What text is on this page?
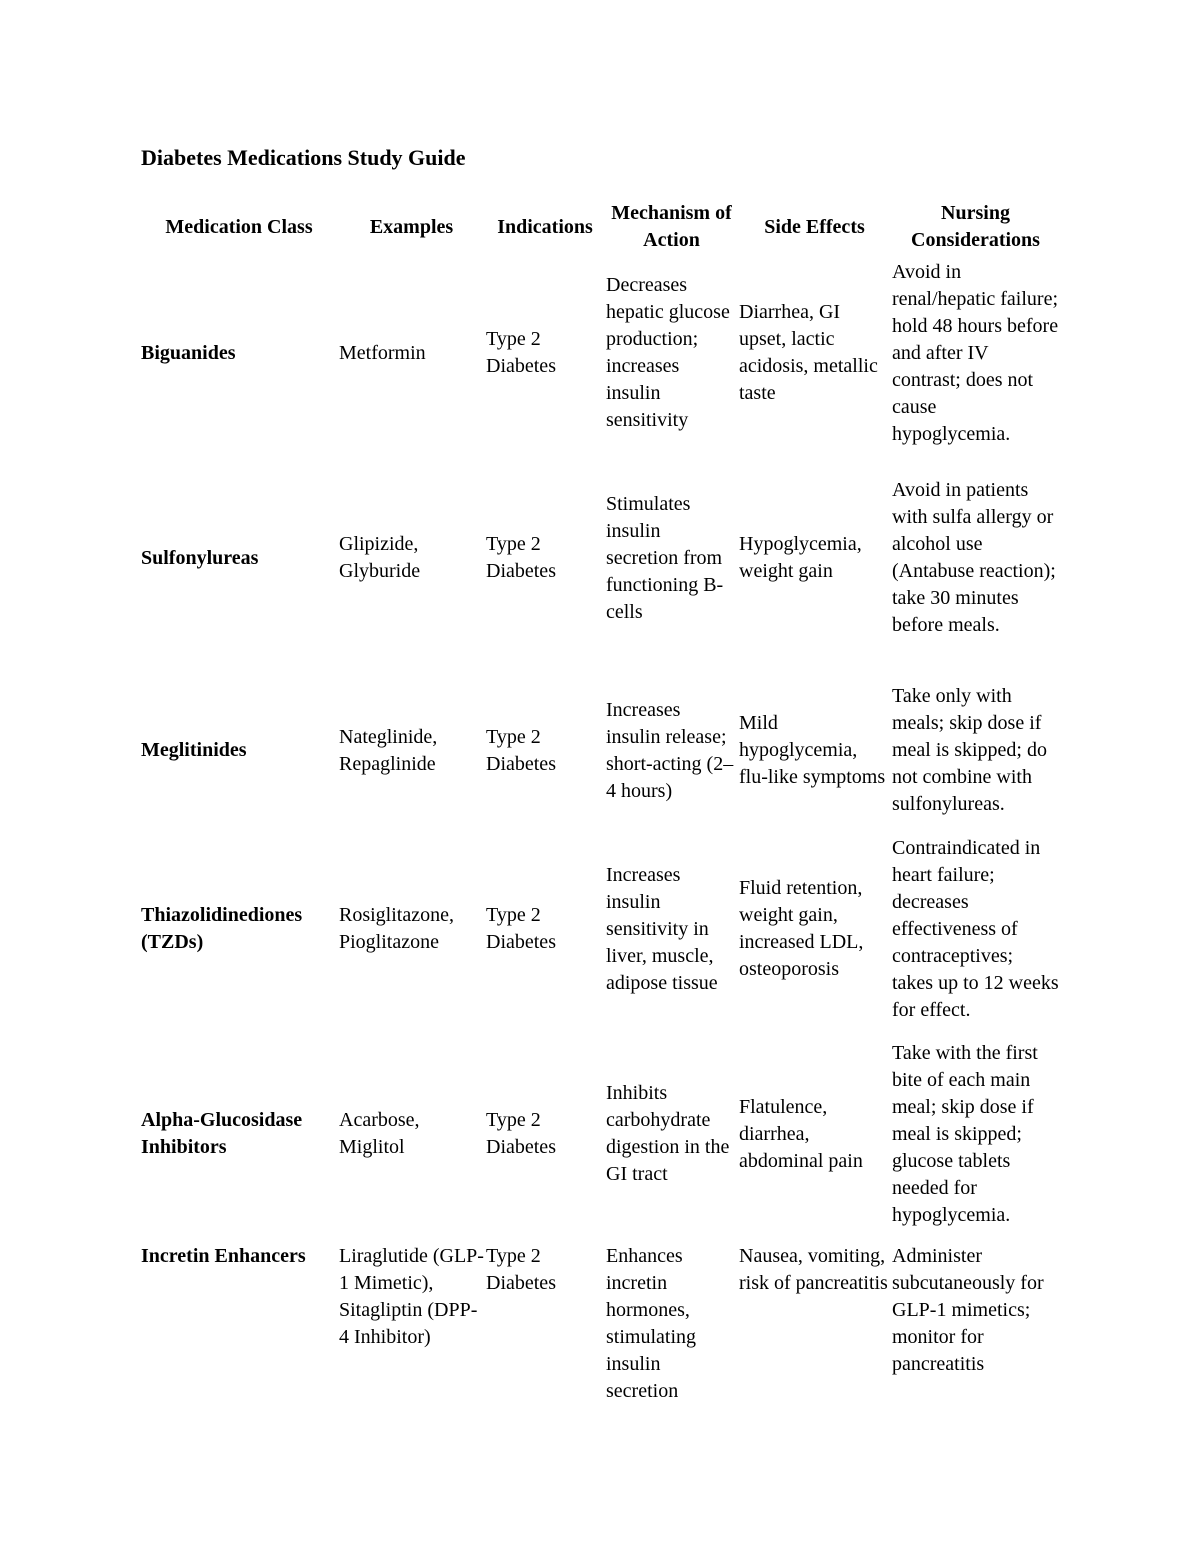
Diabetes Medications Study Guide
Medication Class	Examples	Indications	Mechanism of Action	Side Effects	Nursing Considerations
Biguanides	Metformin	Type 2 Diabetes	Decreases hepatic glucose production; increases insulin sensitivity	Diarrhea, GI upset, lactic acidosis, metallic taste	Avoid in renal/hepatic failure; hold 48 hours before and after IV contrast; does not cause hypoglycemia.
Sulfonylureas	Glipizide, Glyburide	Type 2 Diabetes	Stimulates insulin secretion from functioning B-cells	Hypoglycemia, weight gain	Avoid in patients with sulfa allergy or alcohol use (Antabuse reaction); take 30 minutes before meals.
Meglitinides	Nateglinide, Repaglinide	Type 2 Diabetes	Increases insulin release; short-acting (2–4 hours)	Mild hypoglycemia, flu-like symptoms	Take only with meals; skip dose if meal is skipped; do not combine with sulfonylureas.
Thiazolidinediones (TZDs)	Rosiglitazone, Pioglitazone	Type 2 Diabetes	Increases insulin sensitivity in liver, muscle, adipose tissue	Fluid retention, weight gain, increased LDL, osteoporosis	Contraindicated in heart failure; decreases effectiveness of contraceptives; takes up to 12 weeks for effect.
Alpha-Glucosidase Inhibitors	Acarbose, Miglitol	Type 2 Diabetes	Inhibits carbohydrate digestion in the GI tract	Flatulence, diarrhea, abdominal pain	Take with the first bite of each main meal; skip dose if meal is skipped; glucose tablets needed for hypoglycemia.
Incretin Enhancers	Liraglutide (GLP-1 Mimetic), Sitagliptin (DPP-4 Inhibitor)	Type 2 Diabetes	Enhances incretin hormones, stimulating insulin secretion	Nausea, vomiting, risk of pancreatitis	Administer subcutaneously for GLP-1 mimetics; monitor for pancreatitis
